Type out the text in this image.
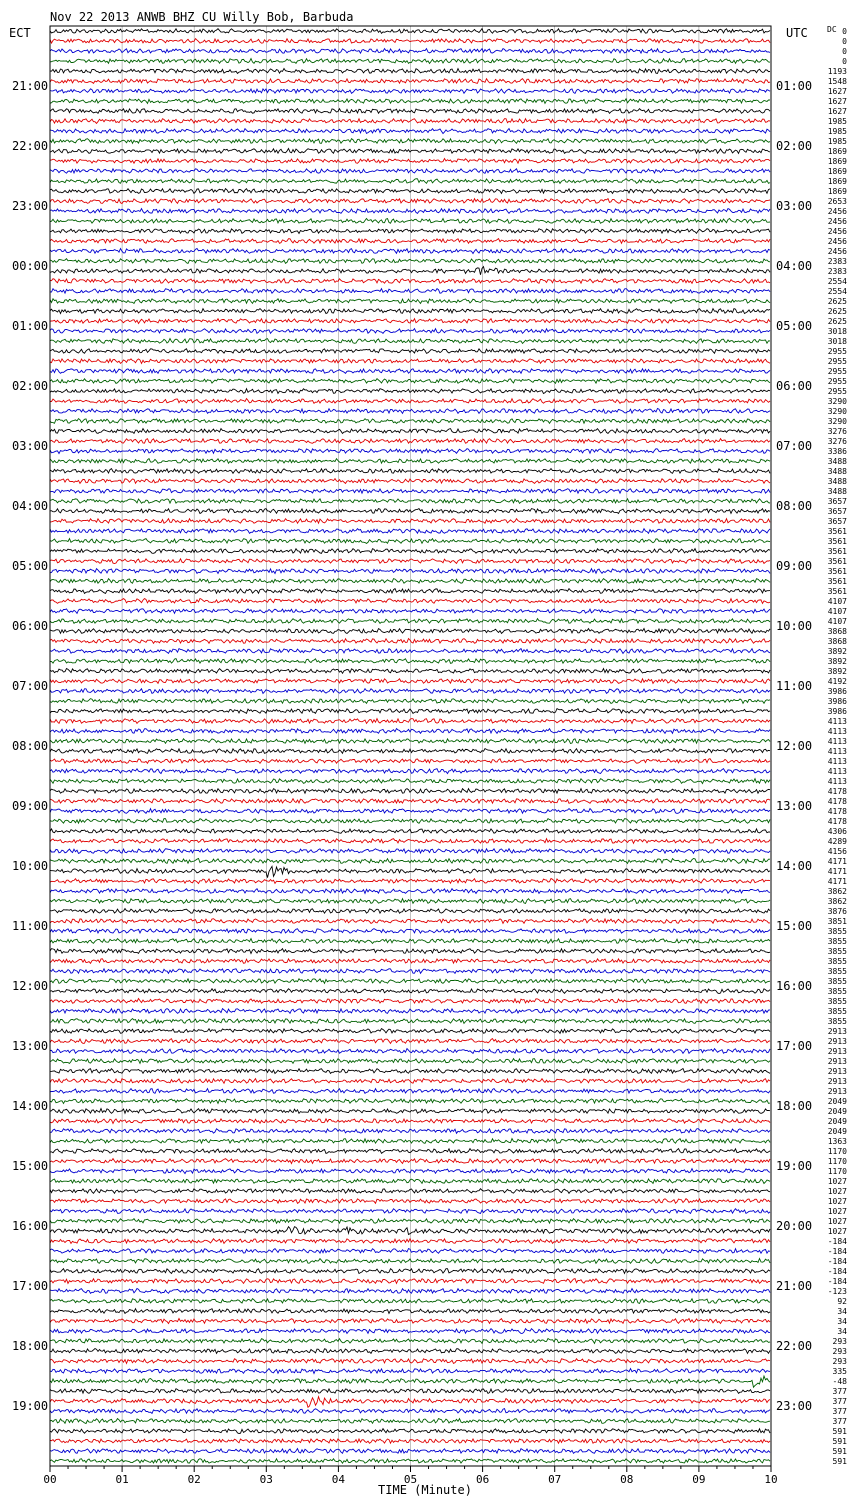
Nov 22 2013 ANWB BHZ CU Willy Bob, Barbuda
ECT	UTC DC
21:00
22:00
23:00
00:00
01:00
02:00
03:00
04:00
05:00
06:00
07:00
08:00
09:00
10:00
11:00
12:00
13:00
14:00
15:00
16:00
17:00
18:00
19:00
01:00
02:00
03:00
04:00
05:00
06:00
07:00
08:00
09:00
10:00
11:00
12:00
13:00
14:00
15:00
16:00
17:00
18:00
19:00
20:00
21:00
22:00
23:00
0
0
0
0
1193
1548
1627
1627
1627
1985
1985
1985
1869
1869
1869
1869
1869
2653
2456
2456
2456
2456
2456
2383
2383
2554
2554
2625
2625
2625
3018
3018
2955
2955
2955
2955
2955
3290
3290
3290
3276
3276
3386
3488
3488
3488
3488
3657
3657
3657
3561
3561
3561
3561
3561
3561
3561
4107
4107
4107
3868
3868
3892
3892
3892
4192
3986
3986
3986
4113
4113
4113
4113
4113
4113
4113
4178
4178
4178
4178
4306
4289
4156
4171
4171
4171
3862
3862
3876
3851
3855
3855
3855
3855
3855
3855
3855
3855
3855
3855
2913
2913
2913
2913
2913
2913
2913
2049
2049
2049
2049
1363
1170
1170
1170
1027
1027
1027
1027
1027
1027
-184
-184
-184
-184
-184
-123
92
34
34
34
293
293
293
335
-48
377
377
377
377
591
591
591
591
00	01	02	03	04	05	06	07	08	09	10
TIME (Minute)
